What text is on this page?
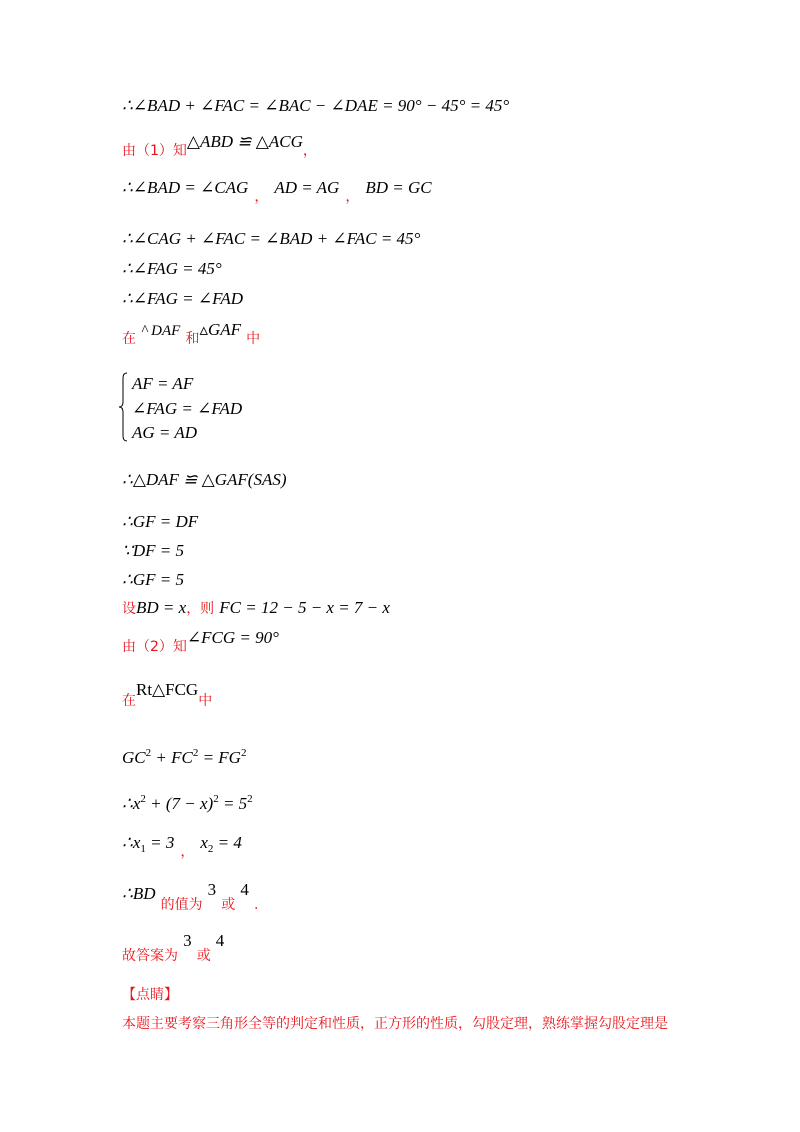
∴∠BAD + ∠FAC = ∠BAC − ∠DAE = 90° − 45° = 45°
由（1）知△ABD ≌ △ACG，
∴∠BAD = ∠CAG $_,$ AD = AG $_,$ BD = GC
∴∠CAG + ∠FAC = ∠BAD + ∠FAC = 45°
∴∠FAG = 45°
∴∠FAG = ∠FAD
在 ^ DAF 和▵GAF 中
AF = AF
∠FAG = ∠FAD
AG = AD
∴△DAF ≌ △GAF(SAS)
∴GF = DF
∵DF = 5
∴GF = 5
设BD = x，则 FC = 12 − 5 − x = 7 − x
由（2）知∠FCG = 90°
在Rt△FCG中
$GC^2 + FC^2 = FG^2$
$\therefore x^2 + (7 - x)^2 = 5^2$
$\therefore x_1 = 3$ $_,$ $x_2 = 4$
∴BD 的值为 3 或 4 .
故答案为 3 或 4
【点睛】
本题主要考察三角形全等的判定和性质，正方形的性质，勾股定理，熟练掌握勾股定理是
